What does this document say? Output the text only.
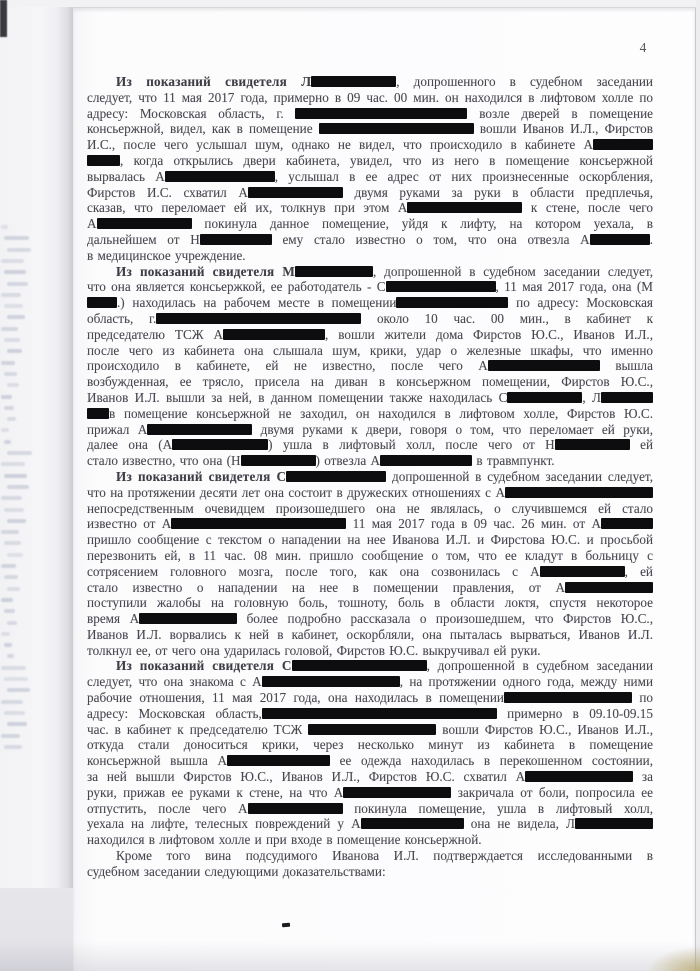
4
Из показаний свидетеля Л	, допрошенного в судебном заседании
следует, что 11 мая 2017 года, примерно в 09 час. 00 мин. он находился в лифтовом холле по
адресу: Московская область, г.	возле дверей в помещение
консьержной, видел, как в помещение	вошли Иванов И.Л., Фирстов
И.С., после чего услышал шум, однако не видел, что происходило в кабинете А
, когда открылись двери кабинета, увидел, что из него в помещение консьержной
вырвалась А	, услышал в ее адрес от них произнесенные оскорбления,
Фирстов И.С. схватил А	двумя руками за руки в области предплечья,
сказав, что переломает ей их, толкнув при этом А	к стене, после чего
А	покинула данное помещение, уйдя к лифту, на котором уехала, в
дальнейшем от Н	ему стало известно о том, что она отвезла А	.
в медицинское учреждение.
Из показаний свидетеля М	, допрошенной в судебном заседании следует,
что она является консьержкой, ее работодатель - С	, 11 мая 2017 года, она (М
.) находилась на рабочем месте в помещении	по адресу: Московская
область, г.	около 10 час. 00 мин., в кабинет к
председателю ТСЖ А	, вошли жители дома Фирстов Ю.С., Иванов И.Л.,
после чего из кабинета она слышала шум, крики, удар о железные шкафы, что именно
происходило в кабинете, ей не известно, после чего А	вышла
возбужденная, ее трясло, присела на диван в консьержном помещении, Фирстов Ю.С.,
Иванов И.Л. вышли за ней, в данном помещении также находилась С	, Л
в помещение консьержной не заходил, он находился в лифтовом холле, Фирстов Ю.С.
прижал А	двумя руками к двери, говоря о том, что переломает ей руки,
далее она (А	) ушла в лифтовый холл, после чего от Н	ей
стало известно, что она (Н	) отвезла А	в травмпункт.
Из показаний свидетеля С	допрошенной в судебном заседании следует,
что на протяжении десяти лет она состоит в дружеских отношениях с А
непосредственным очевидцем произошедшего она не являлась, о случившемся ей стало
известно от А	11 мая 2017 года в 09 час. 26 мин. от А
пришло сообщение с текстом о нападении на нее Иванова И.Л. и Фирстова Ю.С. и просьбой
перезвонить ей, в 11 час. 08 мин. пришло сообщение о том, что ее кладут в больницу с
сотрясением головного мозга, после того, как она созвонилась с А	, ей
стало известно о нападении на нее в помещении правления, от А
поступили жалобы на головную боль, тошноту, боль в области локтя, спустя некоторое
время А	более подробно рассказала о произошедшем, что Фирстов Ю.С.,
Иванов И.Л. ворвались к ней в кабинет, оскорбляли, она пыталась вырваться, Иванов И.Л.
толкнул ее, от чего она ударилась головой, Фирстов Ю.С. выкручивал ей руки.
Из показаний свидетеля С	, допрошенной в судебном заседании
следует, что она знакома с А	, на протяжении одного года, между ними
рабочие отношения, 11 мая 2017 года, она находилась в помещении	по
адресу: Московская область,	примерно в 09.10-09.15
час. в кабинет к председателю ТСЖ	вошли Фирстов Ю.С., Иванов И.Л.,
откуда стали доноситься крики, через несколько минут из кабинета в помещение
консьержной вышла А	ее одежда находилась в перекошенном состоянии,
за ней вышли Фирстов Ю.С., Иванов И.Л., Фирстов Ю.С. схватил А	за
руки, прижав ее руками к стене, на что А	закричала от боли, попросила ее
отпустить, после чего А	покинула помещение, ушла в лифтовый холл,
уехала на лифте, телесных повреждений у А	она не видела, Л
находился в лифтовом холле и при входе в помещение консьержной.
Кроме того вина подсудимого Иванова И.Л. подтверждается исследованными в
судебном заседании следующими доказательствами:
